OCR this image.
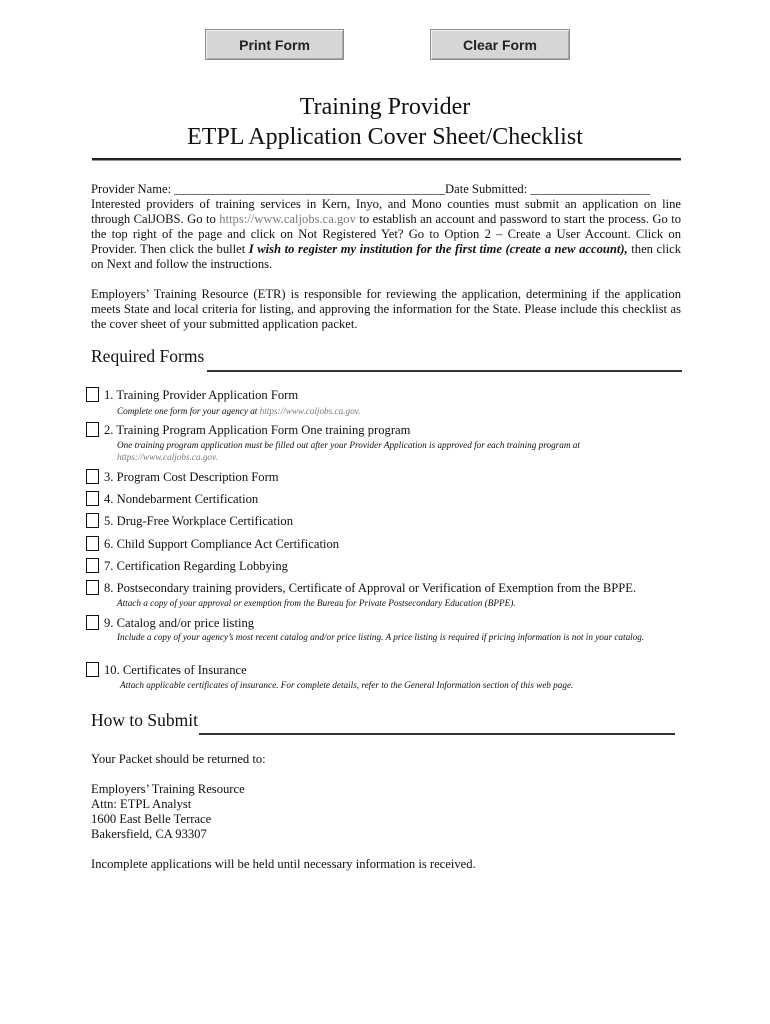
Print Form	Clear Form
Training Provider
ETPL Application Cover Sheet/Checklist
Provider Name: ___________________________________________Date Submitted: ___________________
Interested providers of training services in Kern, Inyo, and Mono counties must submit an application on line through CalJOBS. Go to https://www.caljobs.ca.gov to establish an account and password to start the process. Go to the top right of the page and click on Not Registered Yet? Go to Option 2 – Create a User Account. Click on Provider. Then click the bullet I wish to register my institution for the first time (create a new account), then click on Next and follow the instructions.
Employers’ Training Resource (ETR) is responsible for reviewing the application, determining if the application meets State and local criteria for listing, and approving the information for the State. Please include this checklist as the cover sheet of your submitted application packet.
Required Forms
1. Training Provider Application Form
Complete one form for your agency at https://www.caljobs.ca.gov.
2. Training Program Application Form One training program
One training program application must be filled out after your Provider Application is approved for each training program at
https://www.caljobs.ca.gov.
3. Program Cost Description Form
4. Nondebarment Certification
5. Drug-Free Workplace Certification
6. Child Support Compliance Act Certification
7. Certification Regarding Lobbying
8. Postsecondary training providers, Certificate of Approval or Verification of Exemption from the BPPE.
Attach a copy of your approval or exemption from the Bureau for Private Postsecondary Education (BPPE).
9. Catalog and/or price listing
Include a copy of your agency’s most recent catalog and/or price listing. A price listing is required if pricing information is not in your catalog.
10. Certificates of Insurance
Attach applicable certificates of insurance. For complete details, refer to the General Information section of this web page.
How to Submit
Your Packet should be returned to:
Employers’ Training Resource
Attn: ETPL Analyst
1600 East Belle Terrace
Bakersfield, CA 93307
Incomplete applications will be held until necessary information is received.
